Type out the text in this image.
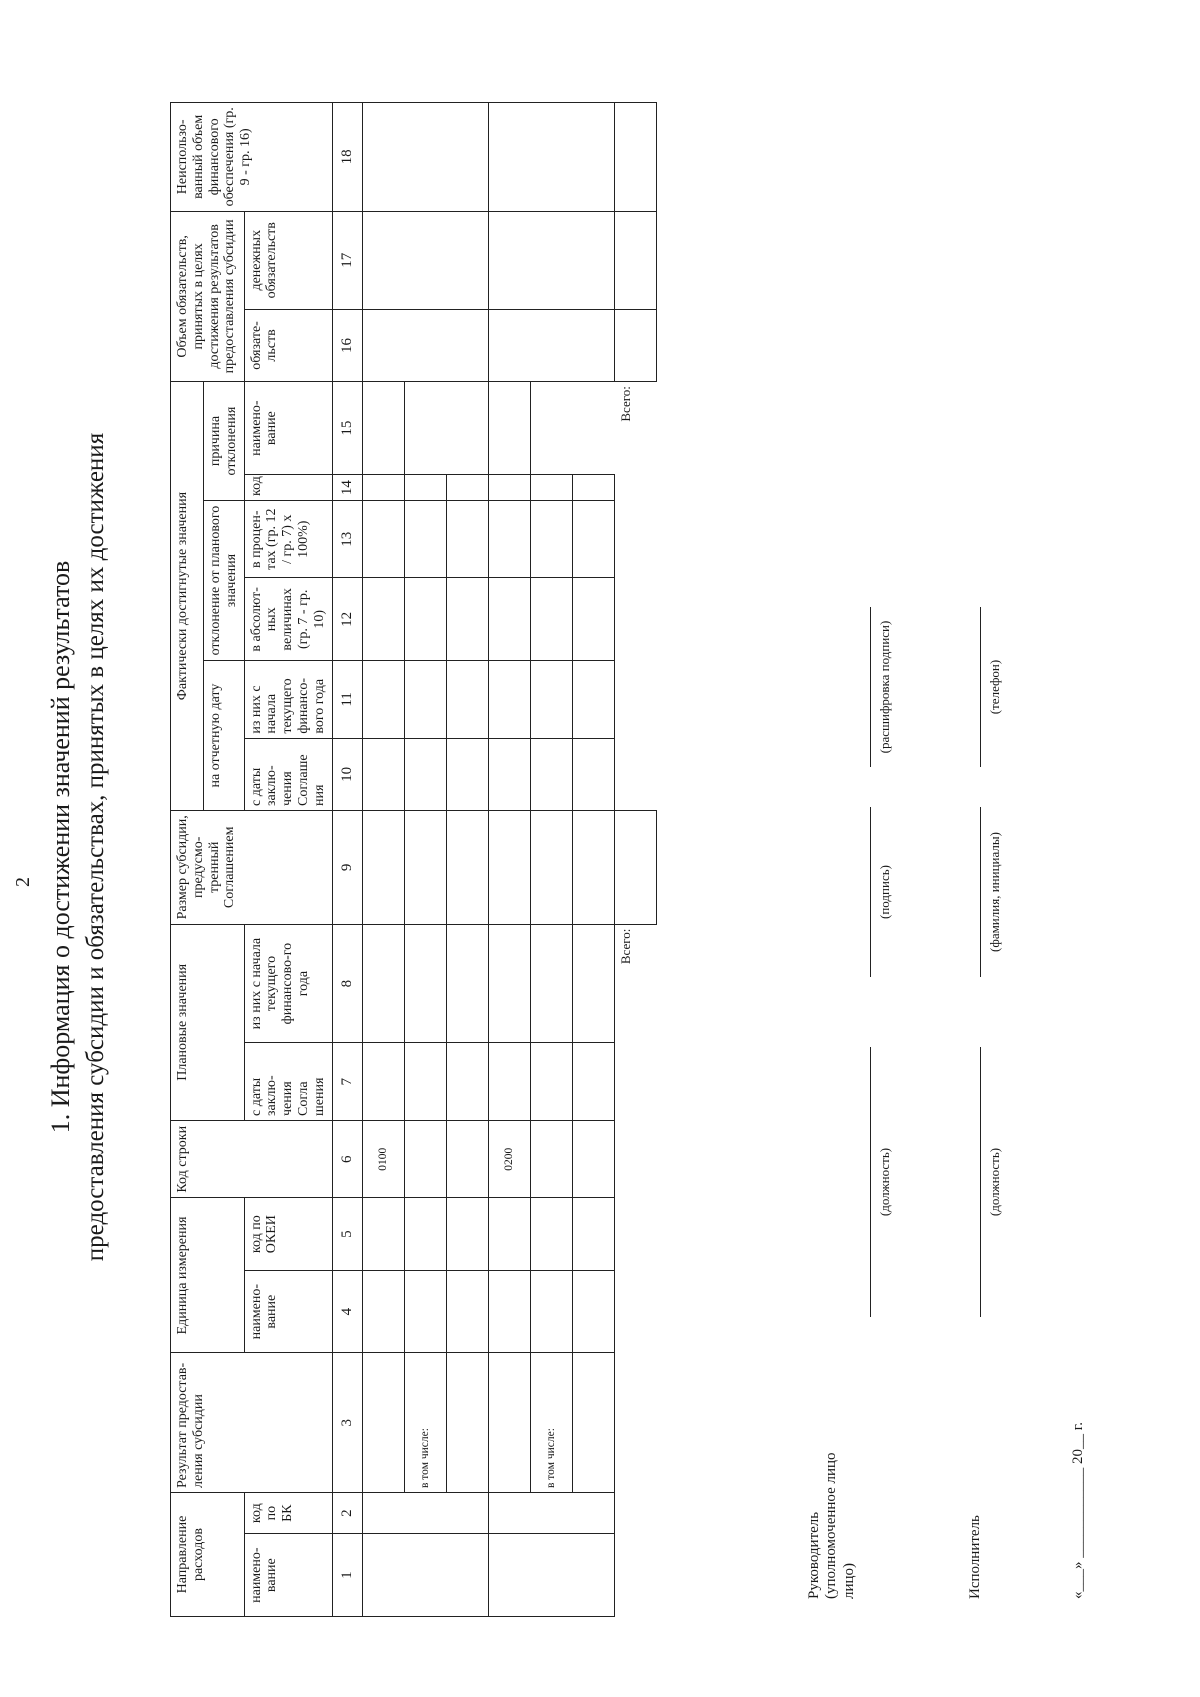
2 1. Информация о достижении значений результатов предоставления субсидии и обязательствах, принятых в целях их достижения
Направление расходов		Результат предостав-ления субсидии	Единица измерения		Код строки	Плановые значения		Размер субсидии, предусмо-тренный Соглашением	Фактически достигнутые значения						Объем обязательств, принятых в целях достижения результатов предоставления субсидии		Неиспользо-ванный объем финансового обеспечения (гр. 9 - гр. 16)
									на отчетную дату		отклонение от планового значения		причина отклонения				
наимено-вание	код по БК		наимено-вание	код по ОКЕИ		с даты заклю-чения Согла шения	из них с начала текущего финансово-го года		с даты заклю-чения Соглаше ния	из них с начала текущего финансо-вого года	в абсолют-ных величинах (гр. 7 - гр. 10)	в процен-тах (гр. 12 / гр. 7) x 100%)	код	наимено-вание	обязате-льств	денежных обязательств	
1	2	3	4	5	6	7	8	9	10	11	12	13	14	15	16	17	18
					0100												
		в том числе:															

					0200												
		в том числе:															

Всего:									Всего:								

Руководитель (уполномоченное лицо лицо)
(должность)
(подпись)
(расшифровка подписи)
Исполнитель
(должность)
(фамилия, инициалы)
(телефон)
«___» ____________ 20__ г.
